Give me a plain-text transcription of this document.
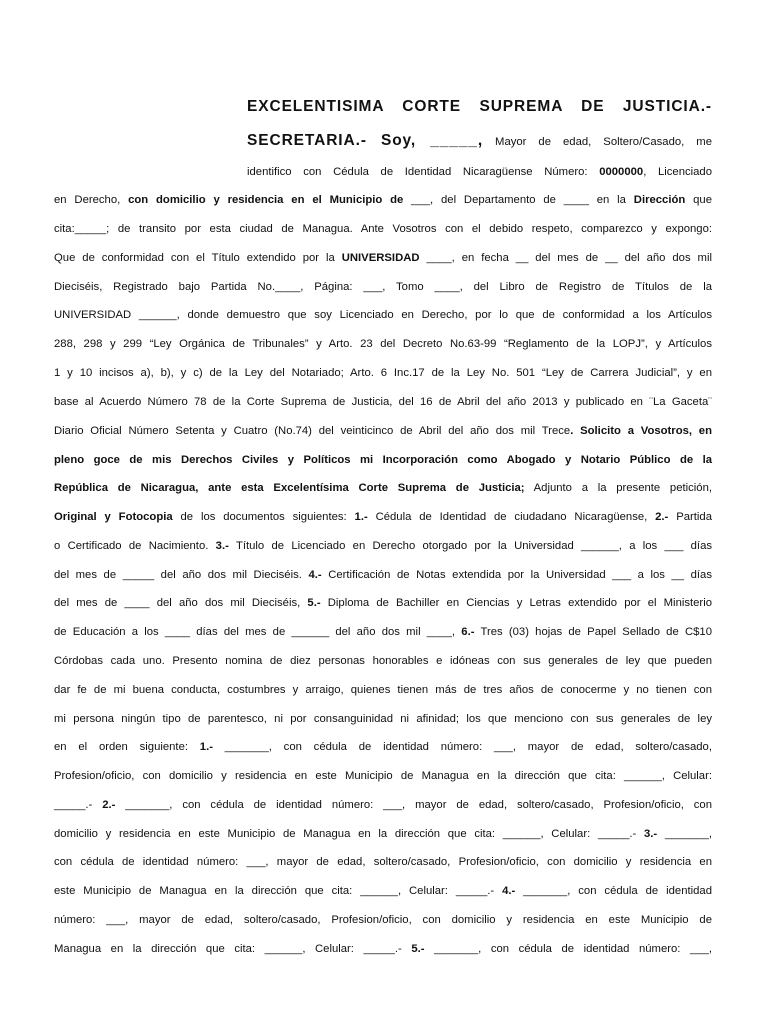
EXCELENTISIMA CORTE SUPREMA DE JUSTICIA.-
SECRETARIA.- Soy, _____, Mayor de edad, Soltero/Casado, me
identifico con Cédula de Identidad Nicaragüense Número: 0000000, Licenciado
en Derecho, con domicilio y residencia en el Municipio de ___, del Departamento de ____ en la Dirección que
cita:_____; de transito por esta ciudad de Managua. Ante Vosotros con el debido respeto, comparezco y expongo:
Que de conformidad con el Título extendido por la UNIVERSIDAD ____, en fecha __ del mes de __ del año dos mil
Dieciséis, Registrado bajo Partida No.____, Página: ___, Tomo ____, del Libro de Registro de Títulos de la
UNIVERSIDAD ______, donde demuestro que soy Licenciado en Derecho, por lo que de conformidad a los Artículos
288, 298 y 299 “Ley Orgánica de Tribunales” y Arto. 23 del Decreto No.63-99 “Reglamento de la LOPJ”, y Artículos
1 y 10 incisos a), b), y c) de la Ley del Notariado; Arto. 6 Inc.17 de la Ley No. 501 “Ley de Carrera Judicial”, y en
base al Acuerdo Número 78 de la Corte Suprema de Justicia, del 16 de Abril del año 2013 y publicado en ¨La Gaceta¨
Diario Oficial Número Setenta y Cuatro (No.74) del veinticinco de Abril del año dos mil Trece. Solicito a Vosotros, en
pleno goce de mis Derechos Civiles y Políticos mi Incorporación como Abogado y Notario Público de la
República de Nicaragua, ante esta Excelentísima Corte Suprema de Justicia; Adjunto a la presente petición,
Original y Fotocopia de los documentos siguientes: 1.- Cédula de Identidad de ciudadano Nicaragüense, 2.- Partida
o Certificado de Nacimiento. 3.- Título de Licenciado en Derecho otorgado por la Universidad ______, a los ___ días
del mes de _____ del año dos mil Dieciséis. 4.- Certificación de Notas extendida por la Universidad ___ a los __ días
del mes de ____ del año dos mil Dieciséis, 5.- Diploma de Bachiller en Ciencias y Letras extendido por el Ministerio
de Educación a los ____ días del mes de ______ del año dos mil ____, 6.- Tres (03) hojas de Papel Sellado de C$10
Córdobas cada uno. Presento nomina de diez personas honorables e idóneas con sus generales de ley que pueden
dar fe de mi buena conducta, costumbres y arraigo, quienes tienen más de tres años de conocerme y no tienen con
mi persona ningún tipo de parentesco, ni por consanguinidad ni afinidad; los que menciono con sus generales de ley
en el orden siguiente: 1.- _______, con cédula de identidad número: ___, mayor de edad, soltero/casado,
Profesion/oficio, con domicilio y residencia en este Municipio de Managua en la dirección que cita: ______, Celular:
_____.- 2.- _______, con cédula de identidad número: ___, mayor de edad, soltero/casado, Profesion/oficio, con
domicilio y residencia en este Municipio de Managua en la dirección que cita: ______, Celular: _____.- 3.- _______,
con cédula de identidad número: ___, mayor de edad, soltero/casado, Profesion/oficio, con domicilio y residencia en
este Municipio de Managua en la dirección que cita: ______, Celular: _____.- 4.- _______, con cédula de identidad
número: ___, mayor de edad, soltero/casado, Profesion/oficio, con domicilio y residencia en este Municipio de
Managua en la dirección que cita: ______, Celular: _____.- 5.- _______, con cédula de identidad número: ___,
